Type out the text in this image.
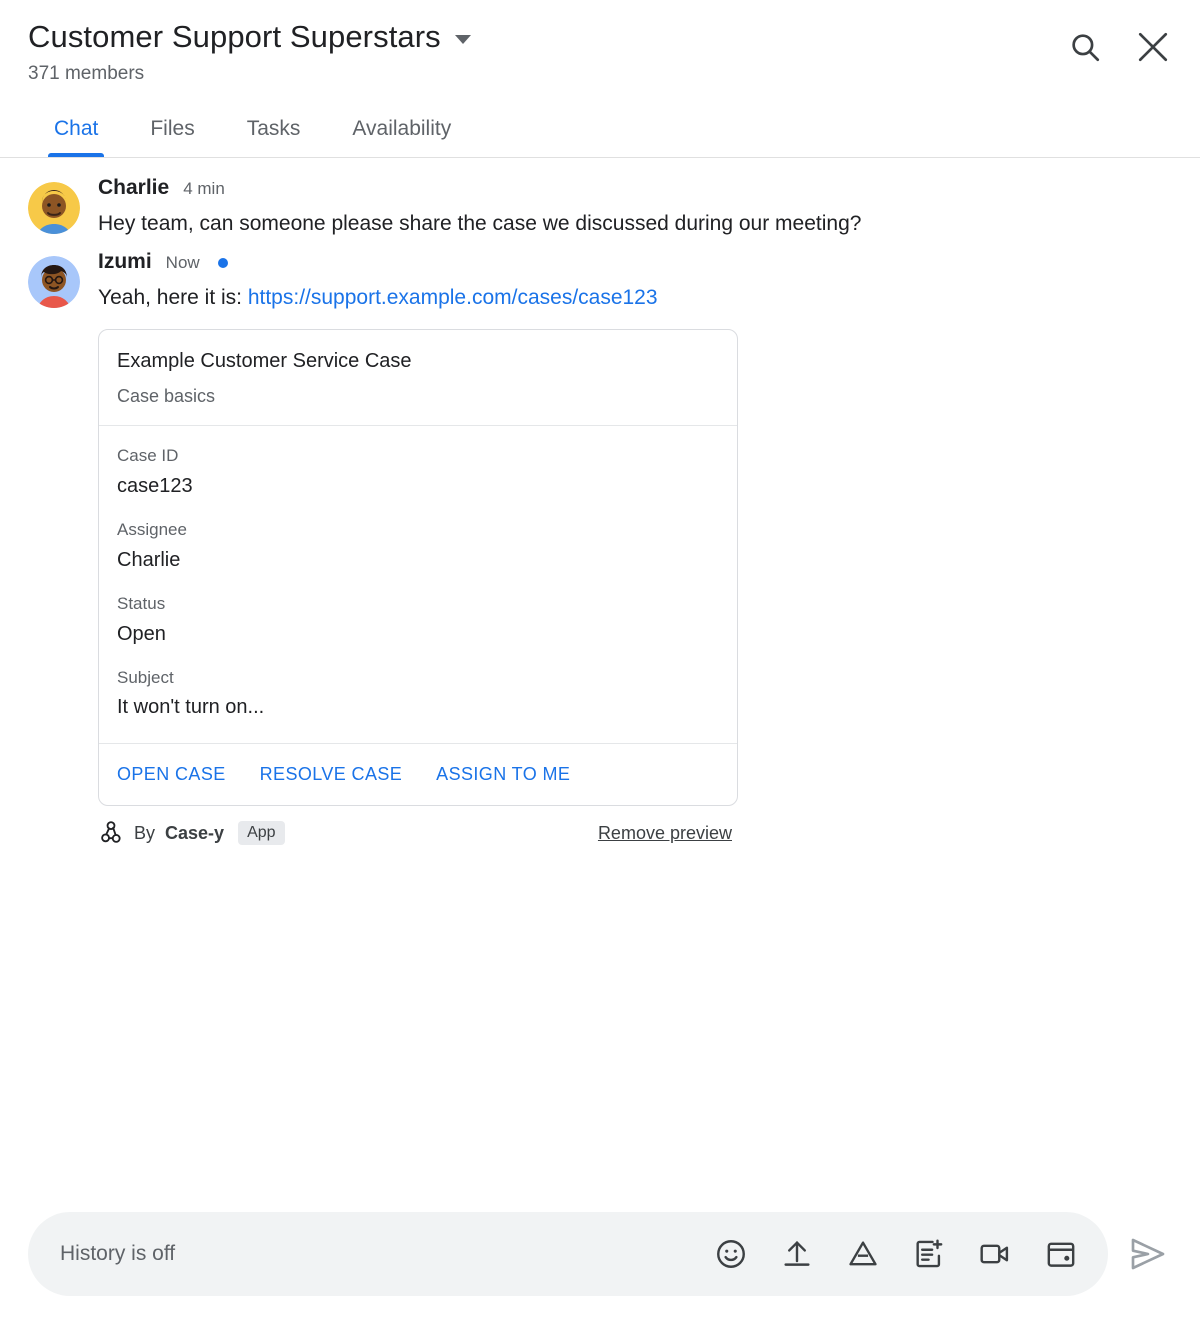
Customer Support Superstars
371 members
Chat	Files	Tasks	Availability
Charlie 4 min
Hey team, can someone please share the case we discussed during our meeting?
Izumi Now
Yeah, here it is: https://support.example.com/cases/case123
Example Customer Service Case
Case basics
Case ID
case123
Assignee
Charlie
Status
Open
Subject
It won't turn on...
OPEN CASE RESOLVE CASE ASSIGN TO ME
By Case-y	App	Remove preview
History is off
